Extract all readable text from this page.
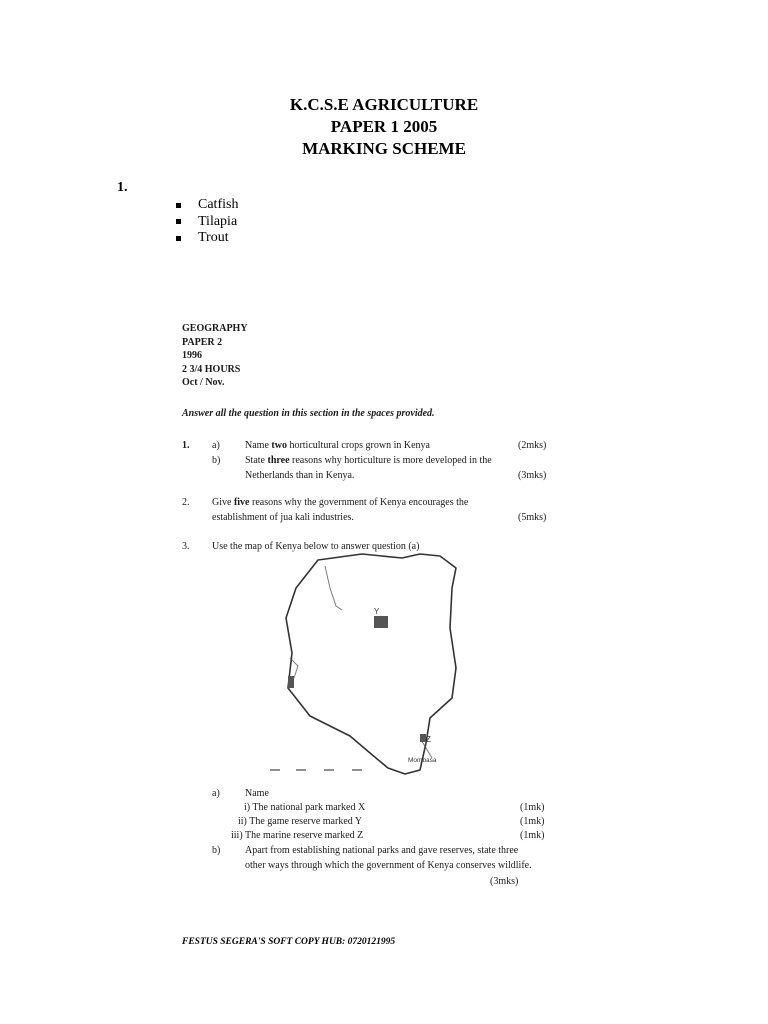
K.C.S.E AGRICULTURE
PAPER 1 2005
MARKING SCHEME
1.
Catfish
Tilapia
Trout
GEOGRAPHY
PAPER 2
1996
2 3/4 HOURS
Oct / Nov.
Answer all the question in this section in the spaces provided.
1. a)	Name two horticultural crops grown in Kenya	(2mks)
b) State three reasons why horticulture is more developed in the
Netherlands than in Kenya.	(3mks)
2. Give five reasons why the government of Kenya encourages the
establishment of jua kali industries.	(5mks)
3. Use the map of Kenya below to answer question (a)
Y
Z
Mombasa
a)	Name
i) The national park marked X	(1mk)
ii) The game reserve marked Y	(1mk)
iii) The marine reserve marked Z	(1mk)
b) Apart from establishing national parks and gave reserves, state three
other ways through which the government of Kenya conserves wildlife.
(3mks)
FESTUS SEGERA'S SOFT COPY HUB: 0720121995
